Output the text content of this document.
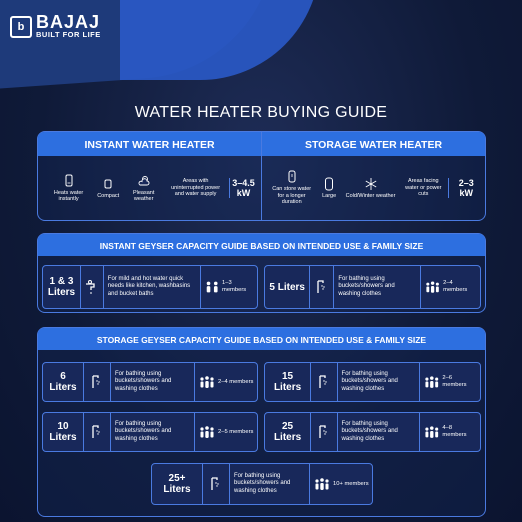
b BAJAJ
BUILT FOR LIFE
WATER HEATER BUYING GUIDE
INSTANT WATER HEATER
Heats water instantly
Compact
Pleasant weather
Areas with uninterrupted power and water supply
3–4.5 kW
STORAGE WATER HEATER
Can store water for a longer duration
Large Cold/Winter weather
Areas facing water or power cuts
2–3 kW
INSTANT GEYSER CAPACITY GUIDE BASED ON INTENDED USE & FAMILY SIZE
1 & 3 Liters
For mild and hot water quick needs like kitchen, washbasins and bucket baths
1–3 members	5 Liters
For bathing using buckets/showers and washing clothes
2–4 members
STORAGE GEYSER CAPACITY GUIDE BASED ON INTENDED USE & FAMILY SIZE
6 Liters
For bathing using buckets/showers and washing clothes
2–4 members	15 Liters
For bathing using buckets/showers and washing clothes
2–6 members
10 Liters
For bathing using buckets/showers and washing clothes
2–5 members	25 Liters
For bathing using buckets/showers and washing clothes
4–8 members
25+ Liters
For bathing using buckets/showers and washing clothes
10+ members
